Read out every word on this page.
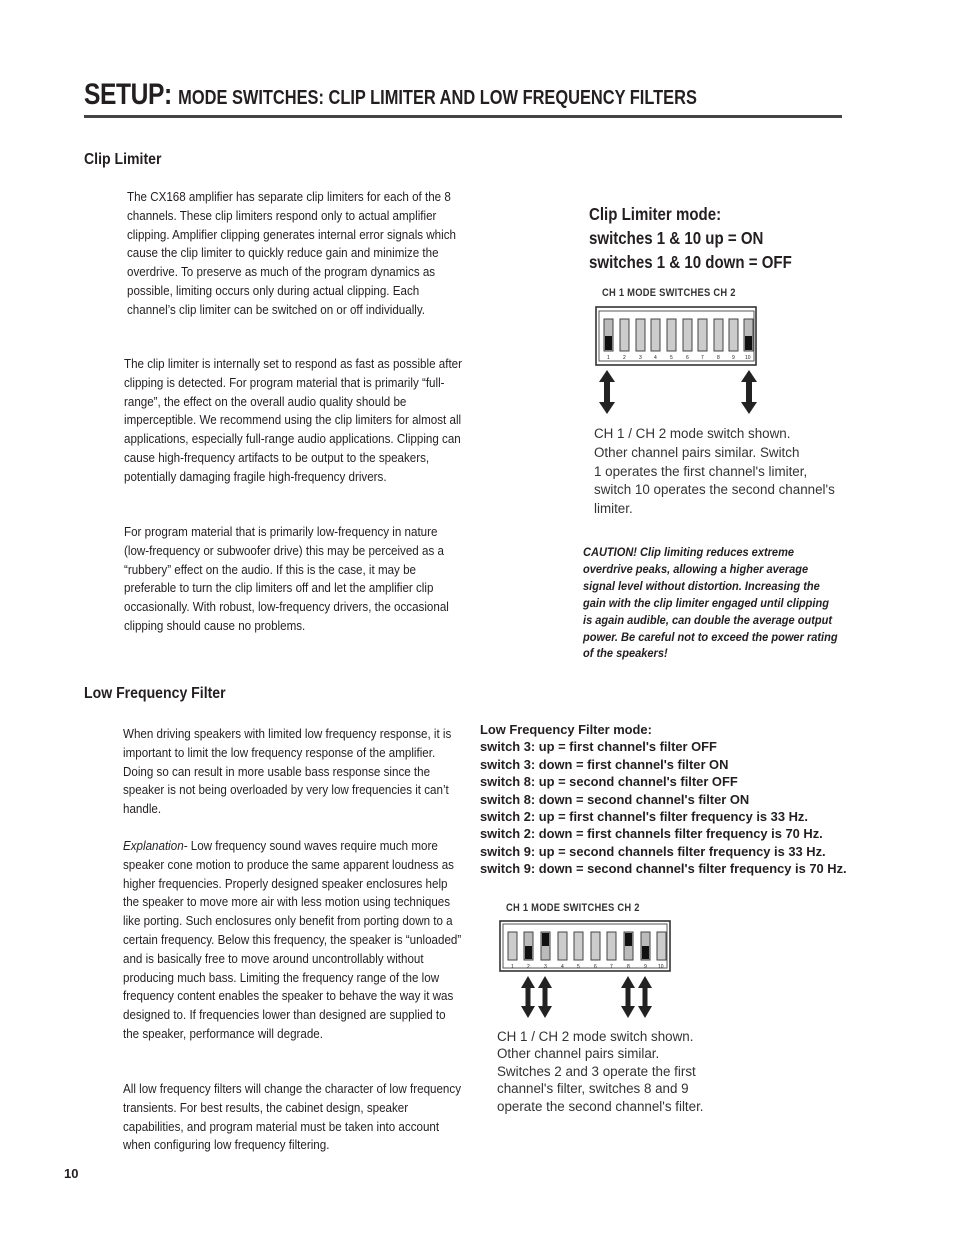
SETUP: MODE SWITCHES: CLIP LIMITER AND LOW FREQUENCY FILTERS
Clip Limiter

The CX168 amplifier has separate clip limiters for each of the 8 channels. These clip limiters respond only to actual amplifier clipping. Amplifier clipping generates internal error signals which cause the clip limiter to quickly reduce gain and minimize the overdrive. To preserve as much of the program dynamics as possible, limiting occurs only during actual clipping. Each channel’s clip limiter can be switched on or off individually.

The clip limiter is internally set to respond as fast as possible after clipping is detected. For program material that is primarily “full-range”, the effect on the overall audio quality should be imperceptible. We recommend using the clip limiters for almost all applications, especially full-range audio applications. Clipping can cause high-frequency artifacts to be output to the speakers, potentially damaging fragile high-frequency drivers.

For program material that is primarily low-frequency in nature (low-frequency or subwoofer drive) this may be perceived as a “rubbery” effect on the audio. If this is the case, it may be preferable to turn the clip limiters off and let the amplifier clip occasionally. With robust, low-frequency drivers, the occasional clipping should cause no problems.

Clip Limiter mode:
switches 1 & 10 up = ON
switches 1 & 10 down = OFF
CH 1 MODE SWITCHES CH 2
1	2	3 4	5	6 7	8 9 10
CH 1 / CH 2 mode switch shown.
Other channel pairs similar. Switch
1 operates the first channel's limiter,
switch 10 operates the second channel's
limiter.
CAUTION! Clip limiting reduces extreme overdrive peaks, allowing a higher average signal level without distortion. Increasing the gain with the clip limiter engaged until clipping is again audible, can double the average output power. Be careful not to exceed the power rating of the speakers!
Low Frequency Filter

When driving speakers with limited low frequency response, it is important to limit the low frequency response of the amplifier. Doing so can result in more usable bass response since the speaker is not being overloaded by very low frequencies it can’t handle.

Explanation- Low frequency sound waves require much more speaker cone motion to produce the same apparent loudness as higher frequencies. Properly designed speaker enclosures help the speaker to move more air with less motion using techniques like porting. Such enclosures only benefit from porting down to a certain frequency. Below this frequency, the speaker is “unloaded” and is basically free to move around uncontrollably without producing much bass. Limiting the frequency range of the low frequency content enables the speaker to behave the way it was designed to. If frequencies lower than designed are supplied to the speaker, performance will degrade.

All low frequency filters will change the character of low frequency transients. For best results, the cabinet design, speaker capabilities, and program material must be taken into account when configuring low frequency filtering.

Low Frequency Filter mode:
switch 3: up = first channel's filter OFF
switch 3: down = first channel's filter ON
switch 8: up = second channel's filter OFF
switch 8: down = second channel's filter ON
switch 2: up = first channel's filter frequency is 33 Hz.
switch 2: down = first channels filter frequency is 70 Hz.
switch 9: up = second channels filter frequency is 33 Hz.
switch 9: down = second channel's filter frequency is 70 Hz.
CH 1 MODE SWITCHES CH 2
1	2	3	4	5	6	7	8	9 10
CH 1 / CH 2 mode switch shown.
Other channel pairs similar.
Switches 2 and 3 operate the first
channel's filter, switches 8 and 9
operate the second channel's filter.
10
